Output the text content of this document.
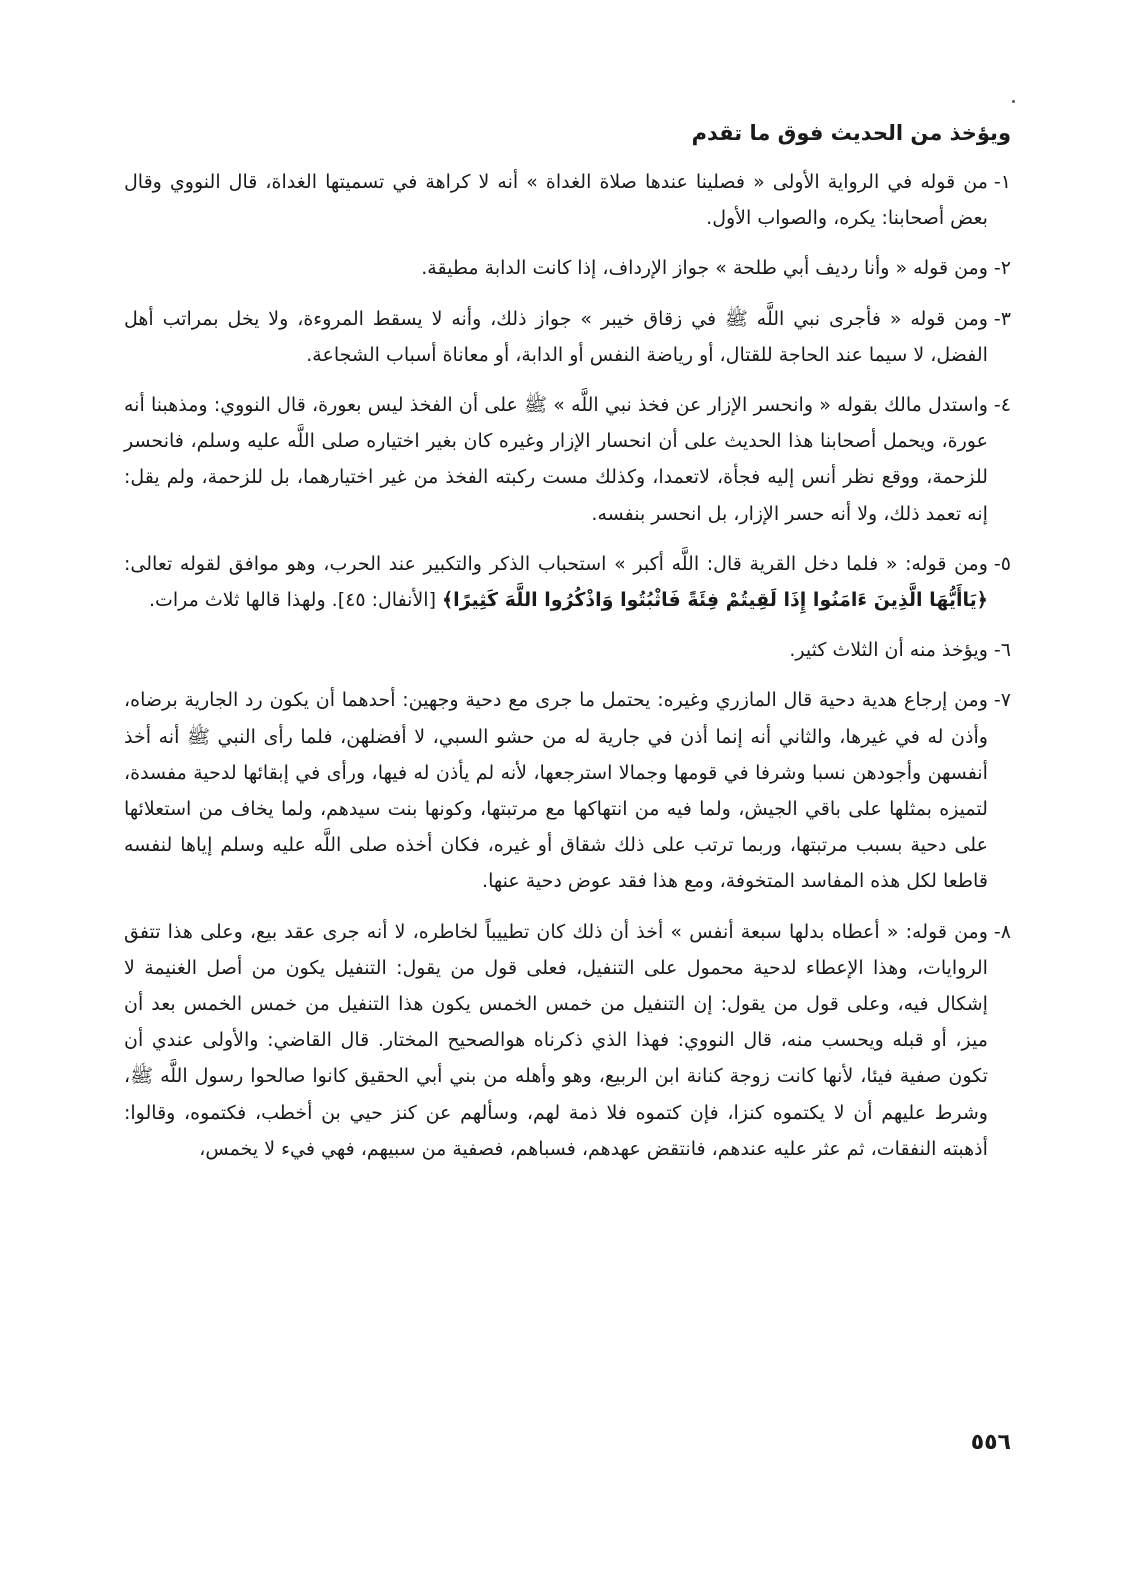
ويؤخذ من الحديث فوق ما تقدم
١-
من قوله في الرواية الأولى « فصلينا عندها صلاة الغداة » أنه لا كراهة في تسميتها الغداة، قال النووي وقال بعض أصحابنا: يكره، والصواب الأول.
٢-
ومن قوله « وأنا رديف أبي طلحة » جواز الإرداف، إذا كانت الدابة مطيقة.
٣-
ومن قوله « فأجرى نبي اللَّه ﷺ في زقاق خيبر » جواز ذلك، وأنه لا يسقط المروءة، ولا يخل بمراتب أهل الفضل، لا سيما عند الحاجة للقتال، أو رياضة النفس أو الدابة، أو معاناة أسباب الشجاعة.
٤-
واستدل مالك بقوله « وانحسر الإزار عن فخذ نبي اللَّه » ﷺ على أن الفخذ ليس بعورة، قال النووي: ومذهبنا أنه عورة، ويحمل أصحابنا هذا الحديث على أن انحسار الإزار وغيره كان بغير اختياره صلى اللَّه عليه وسلم، فانحسر للزحمة، ووقع نظر أنس إليه فجأة، لاتعمدا، وكذلك مست ركبته الفخذ من غير اختيارهما، بل للزحمة، ولم يقل: إنه تعمد ذلك، ولا أنه حسر الإزار، بل انحسر بنفسه.
٥-
ومن قوله: « فلما دخل القرية قال: اللَّه أكبر » استحباب الذكر والتكبير عند الحرب، وهو موافق لقوله تعالى: ﴿يَاأَيُّهَا الَّذِينَ ءَامَنُوا إِذَا لَقِيتُمْ فِئَةً فَاثْبُتُوا وَاذْكُرُوا اللَّهَ كَثِيرًا﴾ [الأنفال: ٤٥]. ولهذا قالها ثلاث مرات.
٦-
ويؤخذ منه أن الثلاث كثير.
٧-
ومن إرجاع هدية دحية قال المازري وغيره: يحتمل ما جرى مع دحية وجهين: أحدهما أن يكون رد الجارية برضاه، وأذن له في غيرها، والثاني أنه إنما أذن في جارية له من حشو السبي، لا أفضلهن، فلما رأى النبي ﷺ أنه أخذ أنفسهن وأجودهن نسبا وشرفا في قومها وجمالا استرجعها، لأنه لم يأذن له فيها، ورأى في إبقائها لدحية مفسدة، لتميزه بمثلها على باقي الجيش، ولما فيه من انتهاكها مع مرتبتها، وكونها بنت سيدهم، ولما يخاف من استعلائها على دحية بسبب مرتبتها، وربما ترتب على ذلك شقاق أو غيره، فكان أخذه صلى اللَّه عليه وسلم إياها لنفسه قاطعا لكل هذه المفاسد المتخوفة، ومع هذا فقد عوض دحية عنها.
٨-
ومن قوله: « أعطاه بدلها سبعة أنفس » أخذ أن ذلك كان تطييباً لخاطره، لا أنه جرى عقد بيع، وعلى هذا تتفق الروايات، وهذا الإعطاء لدحية محمول على التنفيل، فعلى قول من يقول: التنفيل يكون من أصل الغنيمة لا إشكال فيه، وعلى قول من يقول: إن التنفيل من خمس الخمس يكون هذا التنفيل من خمس الخمس بعد أن ميز، أو قبله ويحسب منه، قال النووي: فهذا الذي ذكرناه هوالصحيح المختار. قال القاضي: والأولى عندي أن تكون صفية فيئا، لأنها كانت زوجة كنانة ابن الربيع، وهو وأهله من بني أبي الحقيق كانوا صالحوا رسول اللَّه ﷺ، وشرط عليهم أن لا يكتموه كنزا، فإن كتموه فلا ذمة لهم، وسألهم عن كنز حيي بن أخطب، فكتموه، وقالوا: أذهبته النفقات، ثم عثر عليه عندهم، فانتقض عهدهم، فسباهم، فصفية من سبيهم، فهي فيء لا يخمس،
٥٥٦
